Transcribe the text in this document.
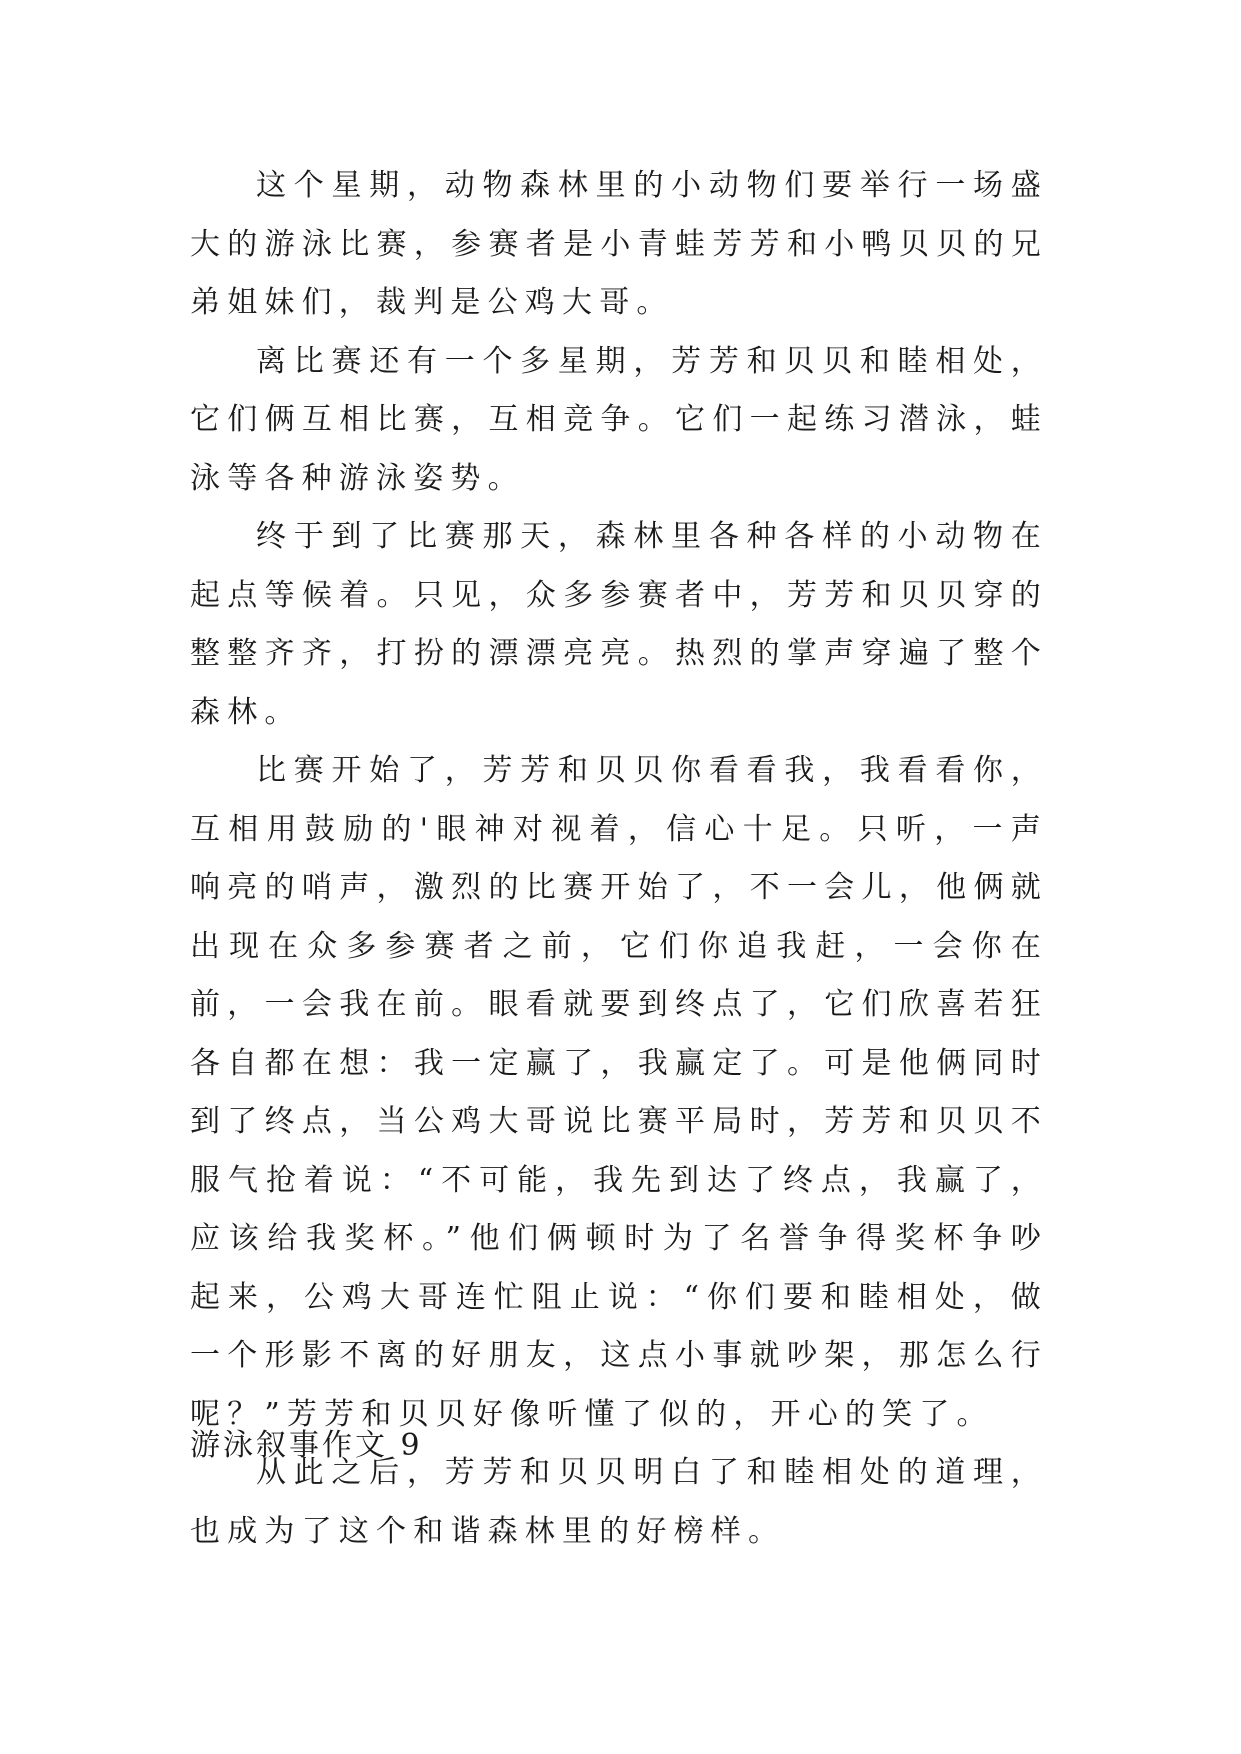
这个星期，动物森林里的小动物们要举行一场盛大的游泳比赛，参赛者是小青蛙芳芳和小鸭贝贝的兄弟姐妹们，裁判是公鸡大哥。

离比赛还有一个多星期，芳芳和贝贝和睦相处，它们俩互相比赛，互相竞争。它们一起练习潜泳，蛙泳等各种游泳姿势。

终于到了比赛那天，森林里各种各样的小动物在起点等候着。只见，众多参赛者中，芳芳和贝贝穿的整整齐齐，打扮的漂漂亮亮。热烈的掌声穿遍了整个森林。

比赛开始了，芳芳和贝贝你看看我，我看看你，互相用鼓励的'眼神对视着，信心十足。只听，一声响亮的哨声，激烈的比赛开始了，不一会儿，他俩就出现在众多参赛者之前，它们你追我赶，一会你在前，一会我在前。眼看就要到终点了，它们欣喜若狂各自都在想：我一定赢了，我赢定了。可是他俩同时到了终点，当公鸡大哥说比赛平局时，芳芳和贝贝不服气抢着说：“不可能，我先到达了终点，我赢了，应该给我奖杯。”他们俩顿时为了名誉争得奖杯争吵起来，公鸡大哥连忙阻止说：“你们要和睦相处，做一个形影不离的好朋友，这点小事就吵架，那怎么行呢？”芳芳和贝贝好像听懂了似的，开心的笑了。

从此之后，芳芳和贝贝明白了和睦相处的道理，也成为了这个和谐森林里的好榜样。

游泳叙事作文 9
